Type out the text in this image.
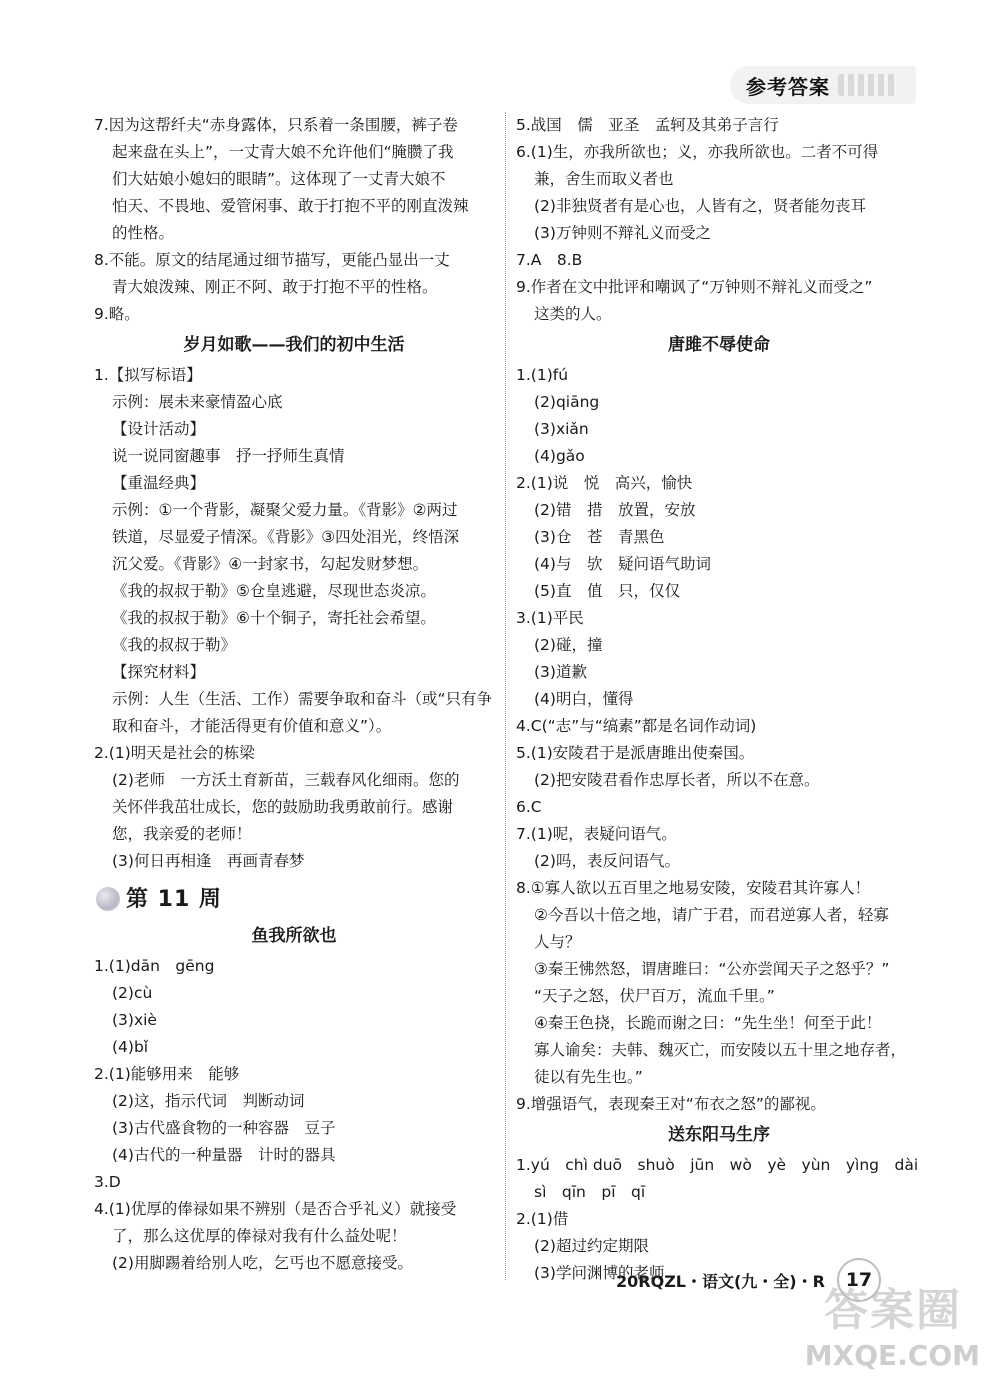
参考答案
7.因为这帮纤夫“赤身露体，只系着一条围腰，裤子卷
起来盘在头上”，一丈青大娘不允许他们“腌臜了我
们大姑娘小媳妇的眼睛”。这体现了一丈青大娘不
怕天、不畏地、爱管闲事、敢于打抱不平的刚直泼辣
的性格。
8.不能。原文的结尾通过细节描写，更能凸显出一丈
青大娘泼辣、刚正不阿、敢于打抱不平的性格。
9.略。
岁月如歌——我们的初中生活
1.【拟写标语】
示例：展未来豪情盈心底
【设计活动】
说一说同窗趣事　抒一抒师生真情
【重温经典】
示例：①一个背影，凝聚父爱力量。《背影》②两过
铁道，尽显爱子情深。《背影》③四处泪光，终悟深
沉父爱。《背影》④一封家书，勾起发财梦想。
《我的叔叔于勒》⑤仓皇逃避，尽现世态炎凉。
《我的叔叔于勒》⑥十个铜子，寄托社会希望。
《我的叔叔于勒》
【探究材料】
示例：人生（生活、工作）需要争取和奋斗（或“只有争
取和奋斗，才能活得更有价值和意义”）。
2.(1)明天是社会的栋梁
(2)老师　一方沃土育新苗，三载春风化细雨。您的
关怀伴我茁壮成长，您的鼓励助我勇敢前行。感谢
您，我亲爱的老师！
(3)何日再相逢　再画青春梦
第 11 周
鱼我所欲也
1.(1)dān　gēng
(2)cù
(3)xiè
(4)bǐ
2.(1)能够用来　能够
(2)这，指示代词　判断动词
(3)古代盛食物的一种容器　豆子
(4)古代的一种量器　计时的器具
3.D
4.(1)优厚的俸禄如果不辨别（是否合乎礼义）就接受
了，那么这优厚的俸禄对我有什么益处呢！
(2)用脚踢着给别人吃，乞丐也不愿意接受。
5.战国　儒　亚圣　孟轲及其弟子言行
6.(1)生，亦我所欲也；义，亦我所欲也。二者不可得
兼，舍生而取义者也
(2)非独贤者有是心也，人皆有之，贤者能勿丧耳
(3)万钟则不辩礼义而受之
7.A　8.B
9.作者在文中批评和嘲讽了“万钟则不辩礼义而受之”
这类的人。
唐雎不辱使命
1.(1)fú
(2)qiāng
(3)xiǎn
(4)gǎo
2.(1)说　悦　高兴，愉快
(2)错　措　放置，安放
(3)仓　苍　青黑色
(4)与　欤　疑问语气助词
(5)直　值　只，仅仅
3.(1)平民
(2)碰，撞
(3)道歉
(4)明白，懂得
4.C(“志”与“缟素”都是名词作动词)
5.(1)安陵君于是派唐雎出使秦国。
(2)把安陵君看作忠厚长者，所以不在意。
6.C
7.(1)呢，表疑问语气。
(2)吗，表反问语气。
8.①寡人欲以五百里之地易安陵，安陵君其许寡人！
②今吾以十倍之地，请广于君，而君逆寡人者，轻寡
人与？
③秦王怫然怒，谓唐雎曰：“公亦尝闻天子之怒乎？”
“天子之怒，伏尸百万，流血千里。”
④秦王色挠，长跪而谢之曰：“先生坐！何至于此！
寡人谕矣：夫韩、魏灭亡，而安陵以五十里之地存者，
徒以有先生也。”
9.增强语气，表现秦王对“布衣之怒”的鄙视。
送东阳马生序
1.yú　chì duō　shuò　jūn　wò　yè　yùn　yìng　dài
sì　qīn　pī　qī
2.(1)借
(2)超过约定期限
(3)学问渊博的老师
20RQZL・语文(九・全)・R	17
答案圈
MXQE.COM
